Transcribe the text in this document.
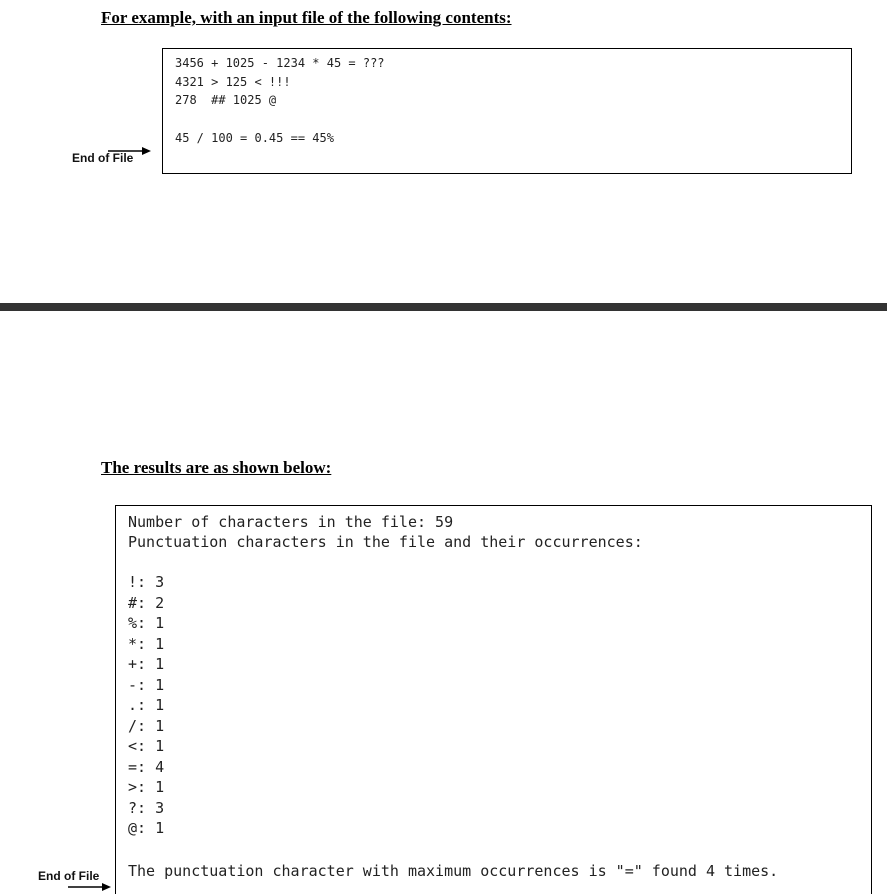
For example, with an input file of the following contents:
3456 + 1025 - 1234 * 45 = ???
4321 > 125 < !!!
278  ## 1025 @
45 / 100 = 0.45 == 45%
End of File
The results are as shown below:
Number of characters in the file: 59
Punctuation characters in the file and their occurrences:
!: 3
#: 2
%: 1
*: 1
+: 1
-: 1
.: 1
/: 1
<: 1
=: 4
>: 1
?: 3
@: 1
The punctuation character with maximum occurrences is "=" found 4 times.
End of File
